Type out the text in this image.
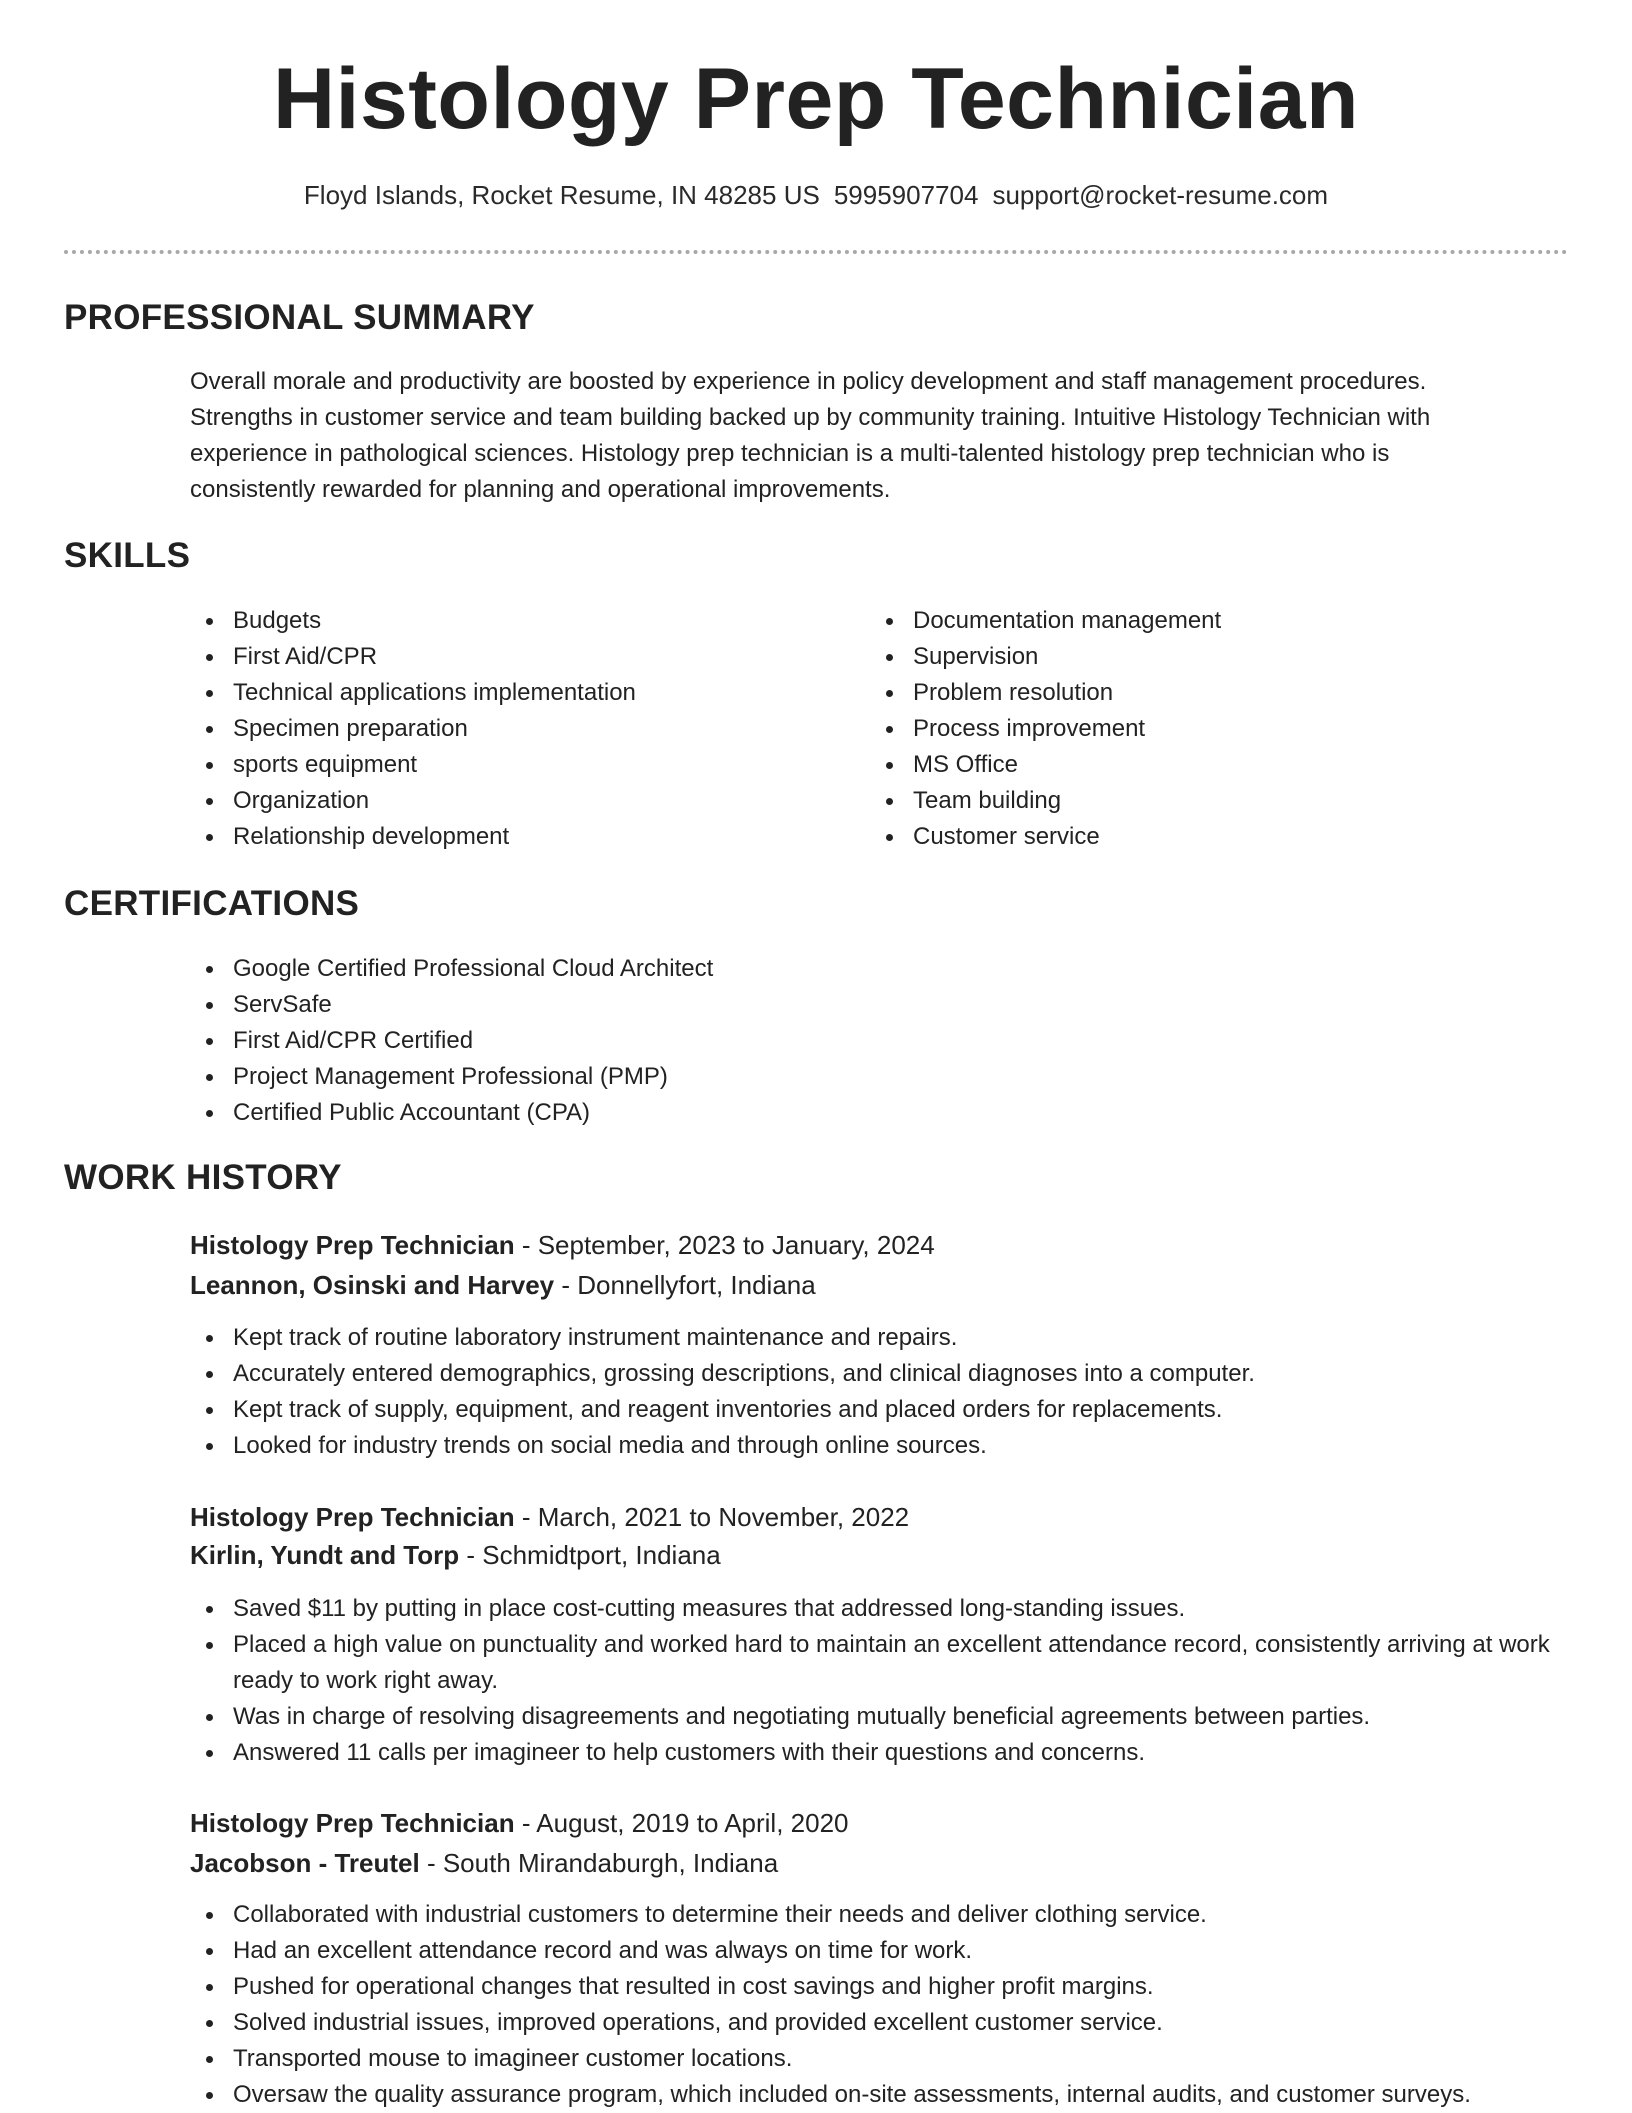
Histology Prep Technician
Floyd Islands, Rocket Resume, IN 48285 US 5995907704 support@rocket-resume.com
PROFESSIONAL SUMMARY

Overall morale and productivity are boosted by experience in policy development and staff management procedures. Strengths in customer service and team building backed up by community training. Intuitive Histology Technician with experience in pathological sciences. Histology prep technician is a multi-talented histology prep technician who is consistently rewarded for planning and operational improvements.

SKILLS
Budgets
First Aid/CPR
Technical applications implementation
Specimen preparation
sports equipment
Organization
Relationship development
Documentation management
Supervision
Problem resolution
Process improvement
MS Office
Team building
Customer service
CERTIFICATIONS
Google Certified Professional Cloud Architect
ServSafe
First Aid/CPR Certified
Project Management Professional (PMP)
Certified Public Accountant (CPA)
WORK HISTORY
Histology Prep Technician - September, 2023 to January, 2024
Leannon, Osinski and Harvey - Donnellyfort, Indiana
Kept track of routine laboratory instrument maintenance and repairs.
Accurately entered demographics, grossing descriptions, and clinical diagnoses into a computer.
Kept track of supply, equipment, and reagent inventories and placed orders for replacements.
Looked for industry trends on social media and through online sources.
Histology Prep Technician - March, 2021 to November, 2022
Kirlin, Yundt and Torp - Schmidtport, Indiana
Saved $11 by putting in place cost-cutting measures that addressed long-standing issues.
Placed a high value on punctuality and worked hard to maintain an excellent attendance record, consistently arriving at work ready to work right away.
Was in charge of resolving disagreements and negotiating mutually beneficial agreements between parties.
Answered 11 calls per imagineer to help customers with their questions and concerns.
Histology Prep Technician - August, 2019 to April, 2020
Jacobson - Treutel - South Mirandaburgh, Indiana
Collaborated with industrial customers to determine their needs and deliver clothing service.
Had an excellent attendance record and was always on time for work.
Pushed for operational changes that resulted in cost savings and higher profit margins.
Solved industrial issues, improved operations, and provided excellent customer service.
Transported mouse to imagineer customer locations.
Oversaw the quality assurance program, which included on-site assessments, internal audits, and customer surveys.
